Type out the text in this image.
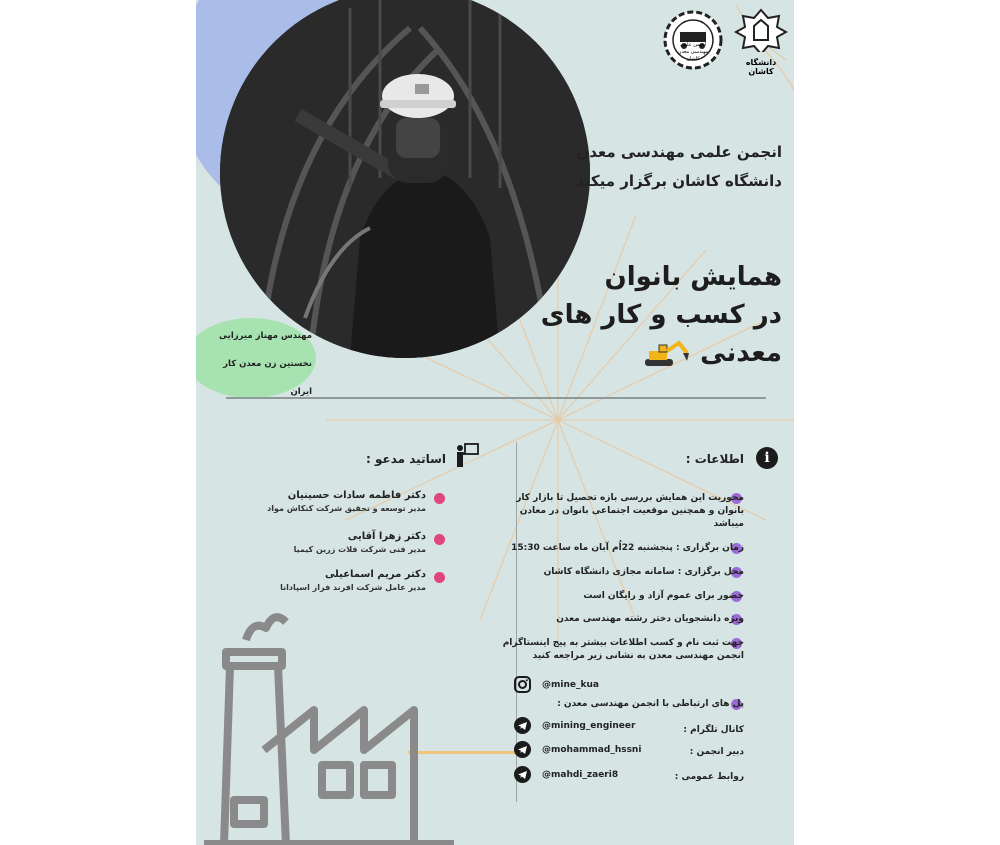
انجمن علمی مهندسی معدن کاشان	دانشگاه کاشان
انجمن علمی مهندسی معدن
دانشگاه کاشان برگزار میکند
همایش بانوان
در کسب و کار های
معدنی
مهندس مهناز میرزایی
نخستین زن معدن کار ایران
i
اطلاعات :
محوریت این همایش بررسی بازه تحصیل تا بازار کار بانوان و همچنین موقعیت اجتماعی بانوان در معادن میباشد
زمان برگزاری : پنجشنبه 22اُم آبان ماه ساعت 15:30
محل برگزاری : سامانه مجازی دانشگاه کاشان
حضور برای عموم آزاد و رایگان است
ویژه دانشجویان دختر رشته مهندسی معدن
جهت ثبت نام و کسب اطلاعات بیشتر به پیج اینستاگرام انجمن مهندسی معدن به نشانی زیر مراجعه کنید
@mine_kua
پل های ارتباطی با انجمن مهندسی معدن :
@mining_engineer	کانال تلگرام :
@mohammad_hssni	دبیر انجمن :
@mahdi_zaeri8	روابط عمومی :
اساتید مدعو :
دکتر فاطمه سادات حسینیان
مدیر توسعه و تحقیق شرکت کنکاش مواد
دکتر زهرا آقایی
مدیر فنی شرکت فلات زرین کیمیا
دکتر مریم اسماعیلی
مدیر عامل شرکت افرند فراز اسپادانا
